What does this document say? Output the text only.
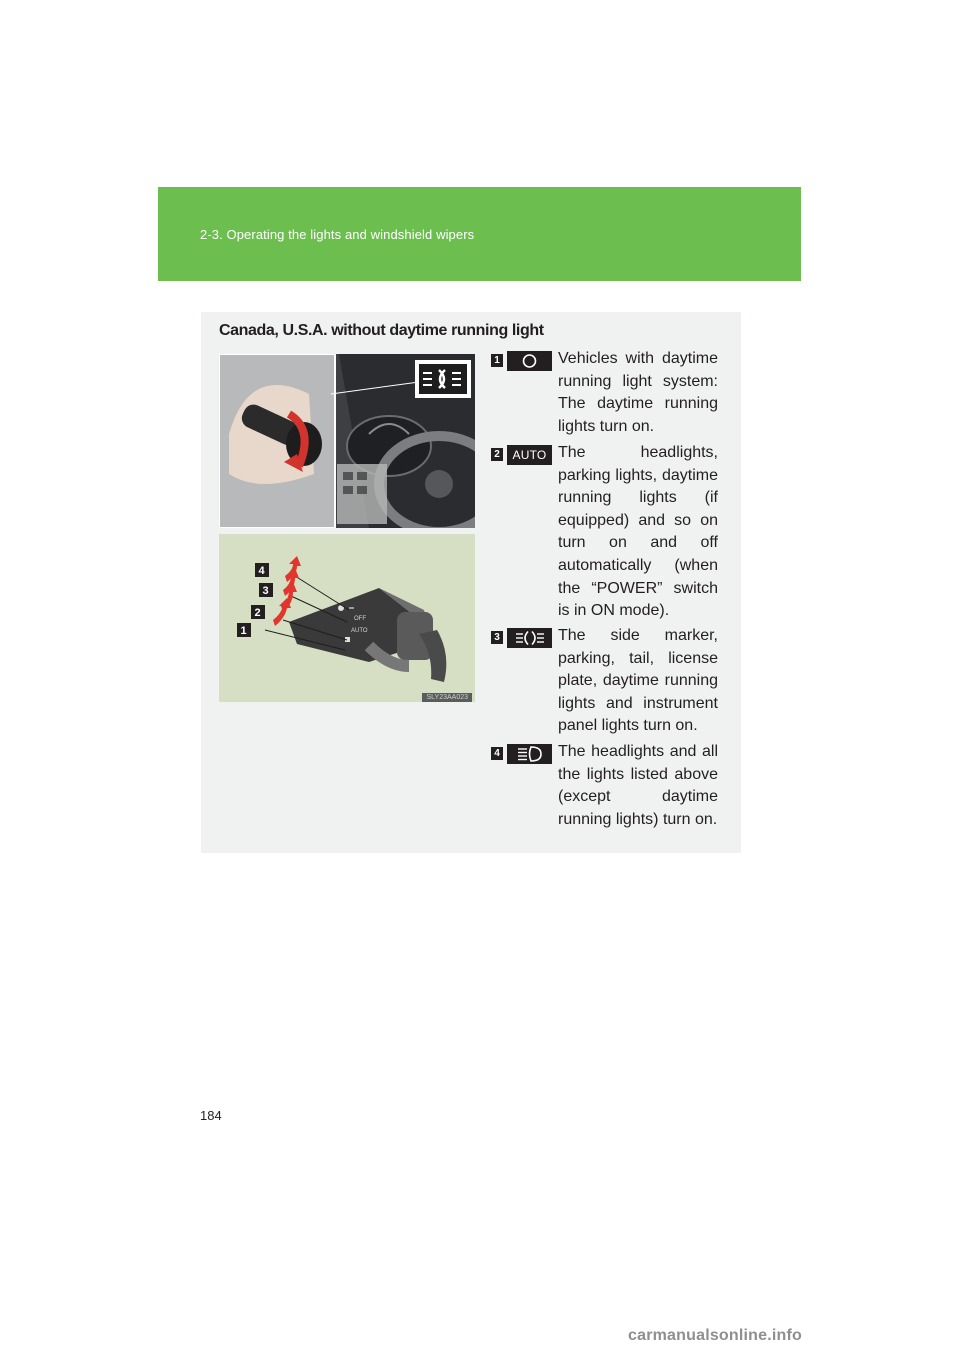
2-3. Operating the lights and windshield wipers
Canada, U.S.A. without daytime running light
AUTO
OFF
4
3
2
1
SLY23AA023
1	Vehicles with daytime running light system: The daytime running lights turn on.
2 AUTO The headlights, parking lights, daytime running lights (if equipped) and so on turn on and off automatically (when the “POWER” switch is in ON mode).
3	The side marker, parking, tail, license plate, daytime running lights and instrument panel lights turn on.
4	The headlights and all the lights listed above (except daytime running lights) turn on.
184
carmanualsonline.info
